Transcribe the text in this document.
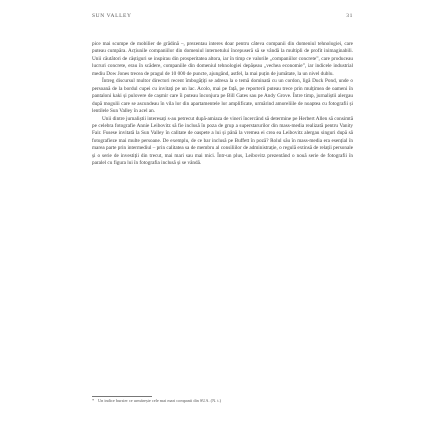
SUN VALLEY	31

pice mai scumpe de mobilier de grădină –, prezentau interes doar pentru câteva companii din domeniul tehnologiei, care puteau cumpăra. Acțiunile companiilor din domeniul internetului începuseră să se vândă la multipli de profit inimaginabili. Unii căutători de câștiguri se inspirau din prosperitatea altora, iar în timp ce valorile „companiilor concrete”, care produceau lucruri concrete, erau în scădere, companiile din domeniul tehnologiei depășeau „vechea economie”, iar indicele industrial mediu Dow Jones trecea de pragul de 10 000 de puncte, ajungând, astfel, la mai puțin de jumătate, la un nivel dublu.

Întreg discursul multor directori recent îmbogățiți se adresa la o temă dominată cu un cordon, ligă Duck Pond, unde o persoană de la bordul cupei cu invitați pe un lac. Acolo, mai pe față, pe reporterii puteau trece prin mulțimea de oameni în pantaloni kaki și pulovere de cașmir care îi puteau înconjura pe Bill Gates sau pe Andy Grove. Între timp, jurnaliștii alergau după mogulii care se ascundeau în vila lor din apartamentele lor amplificate, urmărind amoreliile de noaptea cu fotografii și lentilele Sun Valley în acel an.

Unii dintre jurnaliștii interesați s-au petrecut după-amiaza de vineri încercând să determine pe Herbert Allen să consimtă pe celebra fotografie Annie Leibovitz să fie inclusă în poza de grup a superstarurilor din mass-media realizată pentru Vanity Fair. Fusese invitată la Sun Valley în calitate de oaspete a lui și până la vremea ei crea ea Leibovitz alergau singuri după să fotografieze mai multe persoane. De exemplu, de ce bar inclusă pe Buffett în poză? Rolul său în mass-media era esențial în marea parte prin intermediul – prin calitatea sa de membru al consiliilor de administrație, o regulă extinsă de relații personale și o serie de investiții din trecut, mai mari sau mai mici. Într-un plus, Leibovitz prezentând o nouă serie de fotografii în paralel cu figura lui în fotografia inclusă și se vândă.

* Un indice bursier ce urmărește cele mai mari companii din SUA. (N. t.)
